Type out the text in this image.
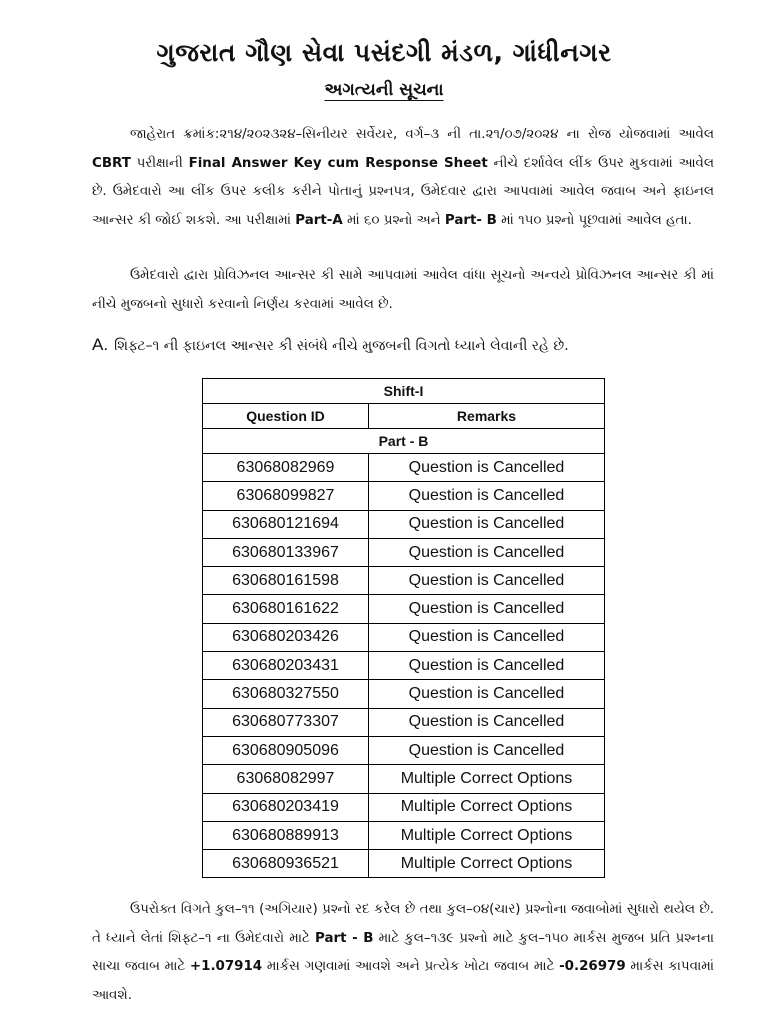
ગુજરાત ગૌણ સેવા પસંદગી મંડળ, ગાંધીનગર
અગત્યની સૂચના

જાહેરાત ક્રમાંક:૨૧૪/૨૦૨૩૨૪–સિનીયર સર્વેયર, વર્ગ–૩ ની તા.૨૧/૦૭/૨૦૨૪ ના રોજ યોજવામાં આવેલ CBRT પરીક્ષાની Final Answer Key cum Response Sheet નીચે દર્શાવેલ લીંક ઉપર મુકવામાં આવેલ છે. ઉમેદવારો આ લીંક ઉપર કલીક કરીને પોતાનું પ્રશ્નપત્ર, ઉમેદવાર દ્વારા આપવામાં આવેલ જવાબ અને ફાઇનલ આન્સર કી જોઈ શકશે. આ પરીક્ષામાં Part-A માં ૬૦ પ્રશ્નો અને Part- B માં ૧૫૦ પ્રશ્નો પૂછવામાં આવેલ હતા.

ઉમેદવારો દ્વારા પ્રોવિઝનલ આન્સર કી સામે આપવામાં આવેલ વાંધા સૂચનો અન્વયે પ્રોવિઝનલ આન્સર કી માં નીચે મુજબનો સુધારો કરવાનો નિર્ણય કરવામાં આવેલ છે.

A. શિફ્ટ–૧ ની ફાઇનલ આન્સર કી સંબંધે નીચે મુજબની વિગતો ધ્યાને લેવાની રહે છે.
Shift-I	
Question ID	Remarks
Part - B	
63068082969	Question is Cancelled
63068099827	Question is Cancelled
630680121694	Question is Cancelled
630680133967	Question is Cancelled
630680161598	Question is Cancelled
630680161622	Question is Cancelled
630680203426	Question is Cancelled
630680203431	Question is Cancelled
630680327550	Question is Cancelled
630680773307	Question is Cancelled
630680905096	Question is Cancelled
63068082997	Multiple Correct Options
630680203419	Multiple Correct Options
630680889913	Multiple Correct Options
630680936521	Multiple Correct Options

ઉપરોક્ત વિગતે કુલ–૧૧ (અગિયાર) પ્રશ્નો રદ કરેલ છે તથા કુલ–૦૪(ચાર) પ્રશ્નોના જવાબોમાં સુધારો થયેલ છે. તે ધ્યાને લેતાં શિફ્ટ–૧ ના ઉમેદવારો માટે Part - B માટે કુલ–૧૩૯ પ્રશ્નો માટે કુલ–૧૫૦ માર્કસ મુજબ પ્રતિ પ્રશ્નના સાચા જવાબ માટે +1.07914 માર્કસ ગણવામાં આવશે અને પ્રત્યેક ખોટા જવાબ માટે -0.26979 માર્કસ કાપવામાં આવશે.
